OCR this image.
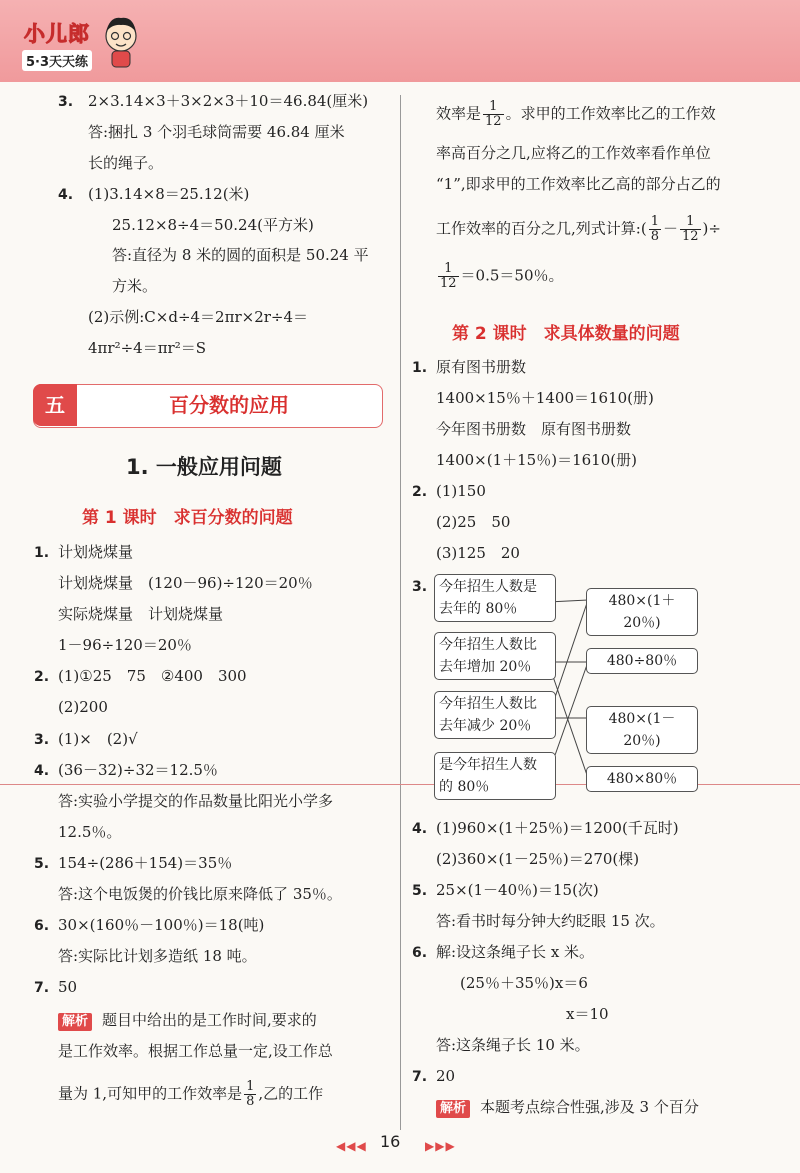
小儿郎
5·3天天练
3. 2×3.14×3＋3×2×3＋10＝46.84(厘米)
答:捆扎 3 个羽毛球筒需要 46.84 厘米
长的绳子。
4. (1)3.14×8＝25.12(米)
25.12×8÷4＝50.24(平方米)
答:直径为 8 米的圆的面积是 50.24 平
方米。
(2)示例:C×d÷4＝2πr×2r÷4＝
4πr²÷4＝πr²＝S
五	百分数的应用
1. 一般应用问题
第 1 课时　求百分数的问题
1. 计划烧煤量
计划烧煤量　(120－96)÷120＝20％
实际烧煤量　计划烧煤量
1－96÷120＝20％
2. (1)①25　75　②400　300
(2)200
3. (1)×　(2)√
4. (36－32)÷32＝12.5％
答:实验小学提交的作品数量比阳光小学多
12.5％。
5. 154÷(286＋154)＝35％
答:这个电饭煲的价钱比原来降低了 35％。
6. 30×(160％－100％)＝18(吨)
答:实际比计划多造纸 18 吨。
7. 50
解析 题目中给出的是工作时间,要求的
是工作效率。根据工作总量一定,设工作总
量为 1,可知甲的工作效率是 $\frac{1}{8}$ ,乙的工作
效率是 $\frac{1}{12}$ 。求甲的工作效率比乙的工作效
率高百分之几,应将乙的工作效率看作单位
“1”,即求甲的工作效率比乙高的部分占乙的
工作效率的百分之几,列式计算:( $\frac{1}{8} - \frac{1}{12}$ )÷
$\frac{1}{12} =0.5=50$％。
第 2 课时　求具体数量的问题
1. 原有图书册数
1400×15％＋1400＝1610(册)
今年图书册数　原有图书册数
1400×(1＋15％)＝1610(册)
2. (1)150
(2)25　50
(3)125　20
3. 今年招生人数是
去年的 80％
今年招生人数比
去年增加 20％
今年招生人数比
去年减少 20％
是今年招生人数
的 80％
480×(1＋20％)
480÷80％
480×(1－20％)
480×80％
4. (1)960×(1＋25％)＝1200(千瓦时)
(2)360×(1－25％)＝270(棵)
5. 25×(1－40％)＝15(次)
答:看书时每分钟大约眨眼 15 次。
6. 解:设这条绳子长 x 米。
(25％＋35％)x＝6
x＝10
答:这条绳子长 10 米。
7. 20
解析 本题考点综合性强,涉及 3 个百分
◀◀◀ 16 ▶▶▶
